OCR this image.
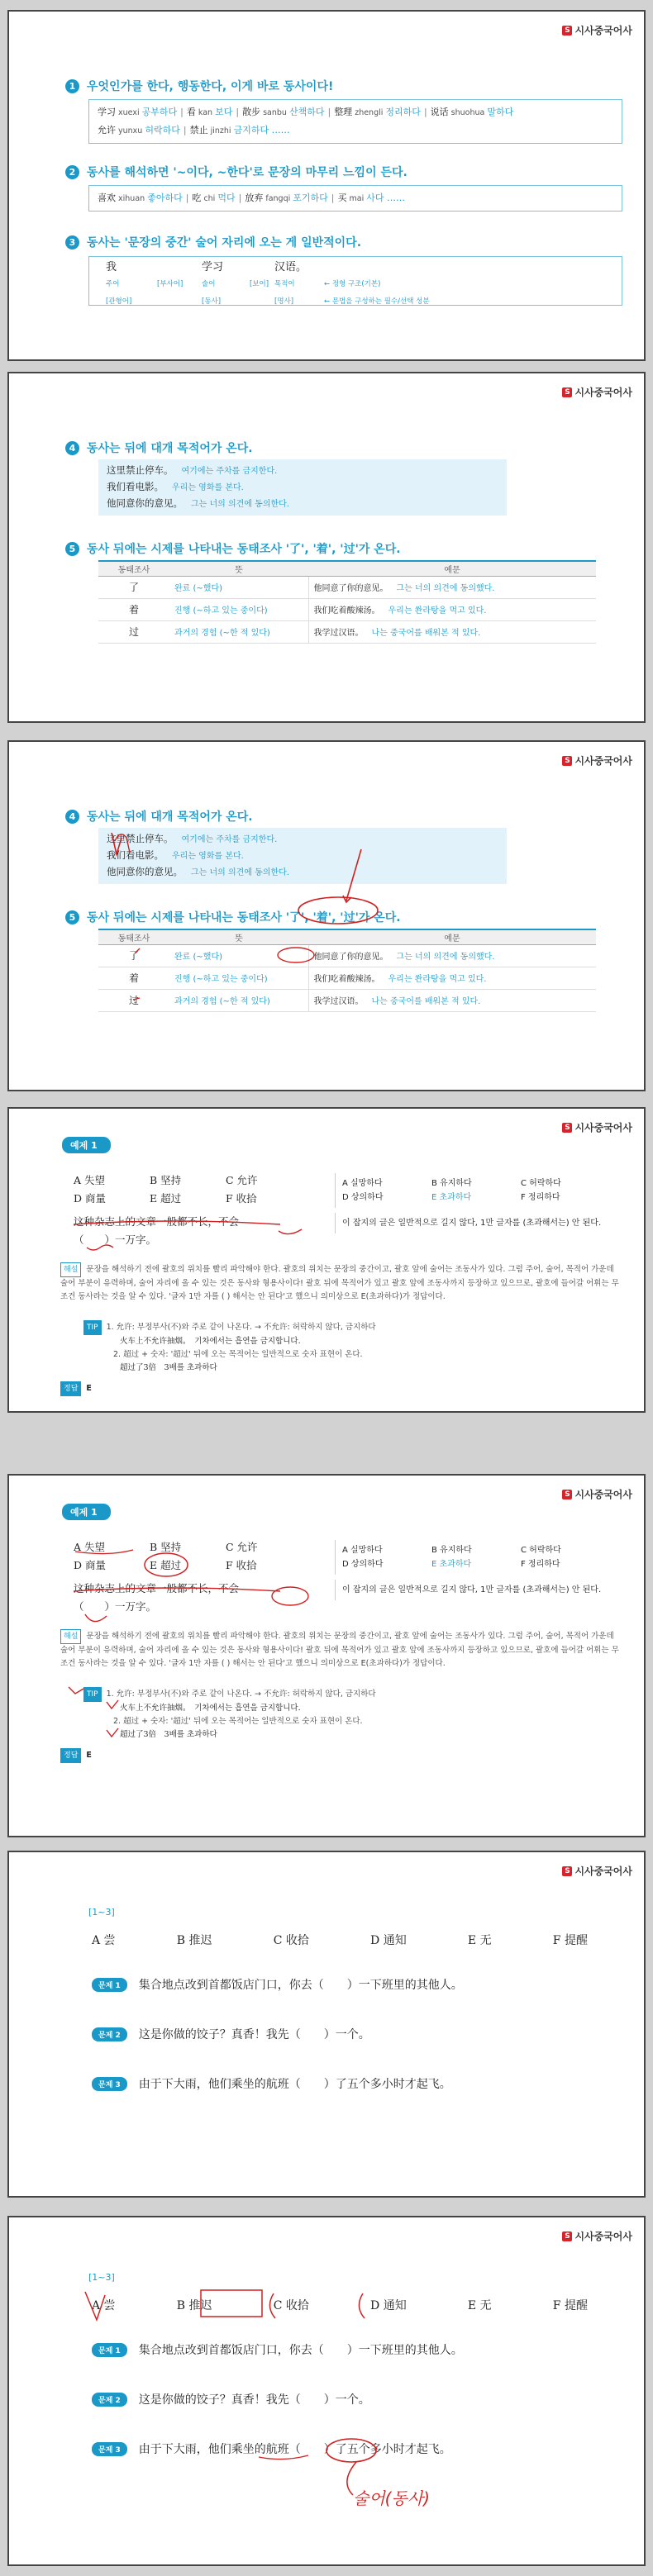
S 시사중국어사
1 우엇인가를 한다, 행동한다, 이게 바로 동사이다!
学习 xuexi 공부하다 | 看 kan 보다 | 散步 sanbu 산책하다 | 整理 zhengli 정리하다 | 说话 shuohua 말하다
允许 yunxu 허락하다 | 禁止 jinzhi 금지하다 ……
2 동사를 해석하면 '~이다, ~한다'로 문장의 마무리 느낌이 든다.
喜欢 xihuan 좋아하다 | 吃 chi 먹다 | 放弃 fangqi 포기하다 | 买 mai 사다 ……
3 동사는 '문장의 중간' 술어 자리에 오는 게 일반적이다.
我		学习		汉语。	
주어	[부사어]	술어	[보어]	목적어	← 정형 구조(기본)
[관형어]		[동사]		[명사]	← 문법을 구성하는 필수/선택 성분
S 시사중국어사
4 동사는 뒤에 대개 목적어가 온다.
这里禁止停车。 여기에는 주차를 금지한다.
我们看电影。 우리는 영화를 본다.
他同意你的意见。 그는 너의 의견에 동의한다.
5 동사 뒤에는 시제를 나타내는 동태조사 '了', '着', '过'가 온다.
동태조사	뜻	예문
了	완료 (~했다)	他同意了你的意见。 그는 너의 의견에 동의했다.
着	진행 (~하고 있는 중이다)	我们吃着酸辣汤。 우리는 쏸라탕을 먹고 있다.
过	과거의 경험 (~한 적 있다)	我学过汉语。 나는 중국어를 배워본 적 있다.
S 시사중국어사
4 동사는 뒤에 대개 목적어가 온다.
这里禁止停车。 여기에는 주차를 금지한다.
我们看电影。 우리는 영화를 본다.
他同意你的意见。 그는 너의 의견에 동의한다.
5 동사 뒤에는 시제를 나타내는 동태조사 '了', '着', '过'가 온다.
동태조사	뜻	예문
了	완료 (~했다)	他同意了你的意见。 그는 너의 의견에 동의했다.
着	진행 (~하고 있는 중이다)	我们吃着酸辣汤。 우리는 쏸라탕을 먹고 있다.
过	과거의 경험 (~한 적 있다)	我学过汉语。 나는 중국어를 배워본 적 있다.
S 시사중국어사
예제 1
A 失望	B 坚持	C 允许
D 商量	E 超过	F 收拾
A 실망하다	B 유지하다	C 허락하다
D 상의하다	E 초과하다	F 정리하다
这种杂志上的文章一般都不长，不会
（　　）一万字。
이 잡지의 글은 일반적으로 길지 않다, 1만 글자를 (초과해서는) 안 된다.
해설 문장을 해석하기 전에 괄호의 위치를 빨리 파악해야 한다. 괄호의 위치는 문장의 중간이고, 괄호 앞에 술어는 조동사가 있다. 그럼 주어, 술어, 목적어 가운데 술어 부분이 유력하며, 술어 자리에 올 수 있는 것은 동사와 형용사이다! 괄호 뒤에 목적어가 있고 괄호 앞에 조동사까지 등장하고 있으므로, 괄호에 들어갈 어휘는 무조건 동사라는 것을 알 수 있다. '글자 1만 자를 ( ) 해서는 안 된다'고 했으니 의미상으로 E(초과하다)가 정답이다.
TIP 1. 允许: 부정부사(不)와 주로 같이 나온다. → 不允许: 허락하지 않다, 금지하다
火车上不允许抽烟。　기차에서는 흡연을 금지합니다.
2. 超过 + 숫자: '超过' 뒤에 오는 목적어는 일반적으로 숫자 표현이 온다.
超过了3倍　3배를 초과하다
정답 E
S 시사중국어사
예제 1
A 失望	B 坚持	C 允许
D 商量	E 超过	F 收拾
A 실망하다	B 유지하다	C 허락하다
D 상의하다	E 초과하다	F 정리하다
这种杂志上的文章一般都不长，不会
（　　）一万字。
이 잡지의 글은 일반적으로 길지 않다, 1만 글자를 (초과해서는) 안 된다.
해설 문장을 해석하기 전에 괄호의 위치를 빨리 파악해야 한다. 괄호의 위치는 문장의 중간이고, 괄호 앞에 술어는 조동사가 있다. 그럼 주어, 술어, 목적어 가운데 술어 부분이 유력하며, 술어 자리에 올 수 있는 것은 동사와 형용사이다! 괄호 뒤에 목적어가 있고 괄호 앞에 조동사까지 등장하고 있으므로, 괄호에 들어갈 어휘는 무조건 동사라는 것을 알 수 있다. '글자 1만 자를 ( ) 해서는 안 된다'고 했으니 의미상으로 E(초과하다)가 정답이다.
TIP 1. 允许: 부정부사(不)와 주로 같이 나온다. → 不允许: 허락하지 않다, 금지하다
火车上不允许抽烟。　기차에서는 흡연을 금지합니다.
2. 超过 + 숫자: '超过' 뒤에 오는 목적어는 일반적으로 숫자 표현이 온다.
超过了3倍　3배를 초과하다
정답 E
S 시사중국어사
[1~3]
A 尝	B 推迟	C 收拾	D 通知	E 无	F 提醒
문제 1	集合地点改到首都饭店门口，你去（　　）一下班里的其他人。
문제 2	这是你做的饺子？真香！我先（　　）一个。
문제 3	由于下大雨，他们乘坐的航班（　　）了五个多小时才起飞。
S 시사중국어사
[1~3]
A 尝	B 推迟	C 收拾	D 通知	E 无	F 提醒
문제 1	集合地点改到首都饭店门口，你去（　　）一下班里的其他人。
문제 2	这是你做的饺子？真香！我先（　　）一个。
문제 3	由于下大雨，他们乘坐的航班（　　）了五个多小时才起飞。
술어(동사)
